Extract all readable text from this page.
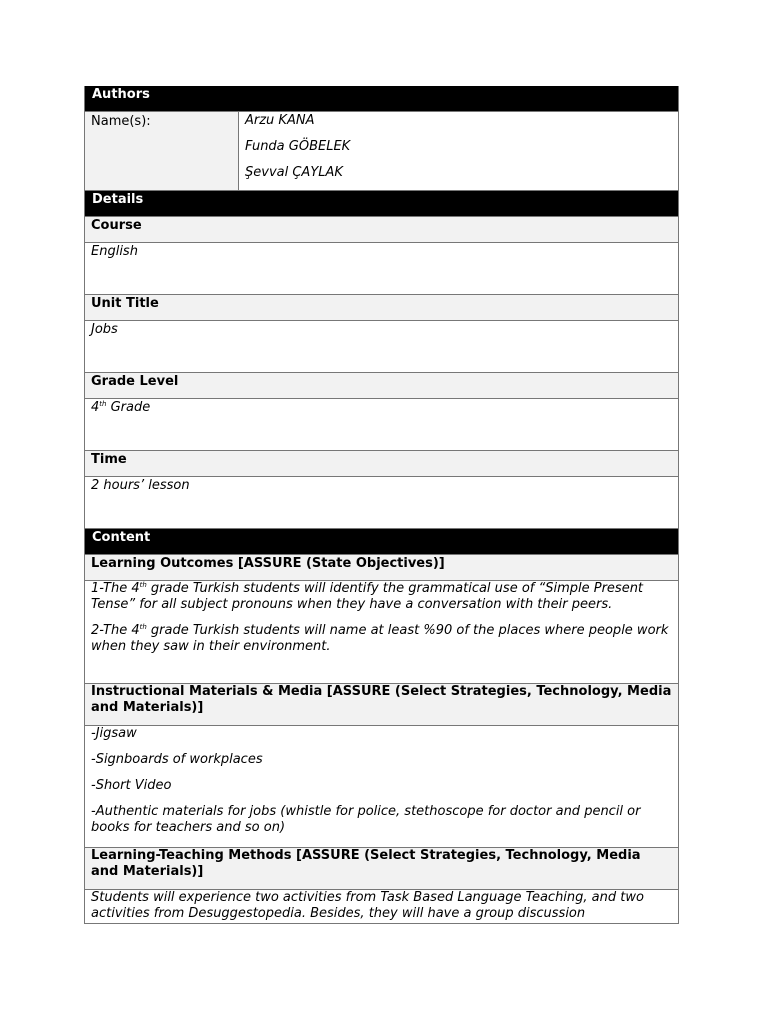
Authors
Name(s):	Arzu KANA
Funda GÖBELEK
Şevval ÇAYLAK
Details
Course

English

Unit Title

Jobs

Grade Level

4th Grade

Time

2 hours’ lesson

Content
Learning Outcomes [ASSURE (State Objectives)]

1-The 4th grade Turkish students will identify the grammatical use of “Simple Present Tense” for all subject pronouns when they have a conversation with their peers.

2-The 4th grade Turkish students will name at least %90 of the places where people work when they saw in their environment.

Instructional Materials & Media [ASSURE (Select Strategies, Technology, Media and Materials)]

-Jigsaw

-Signboards of workplaces

-Short Video

-Authentic materials for jobs (whistle for police, stethoscope for doctor and pencil or books for teachers and so on)

Learning-Teaching Methods [ASSURE (Select Strategies, Technology, Media and Materials)]

Students will experience two activities from Task Based Language Teaching, and two activities from Desuggestopedia. Besides, they will have a group discussion
